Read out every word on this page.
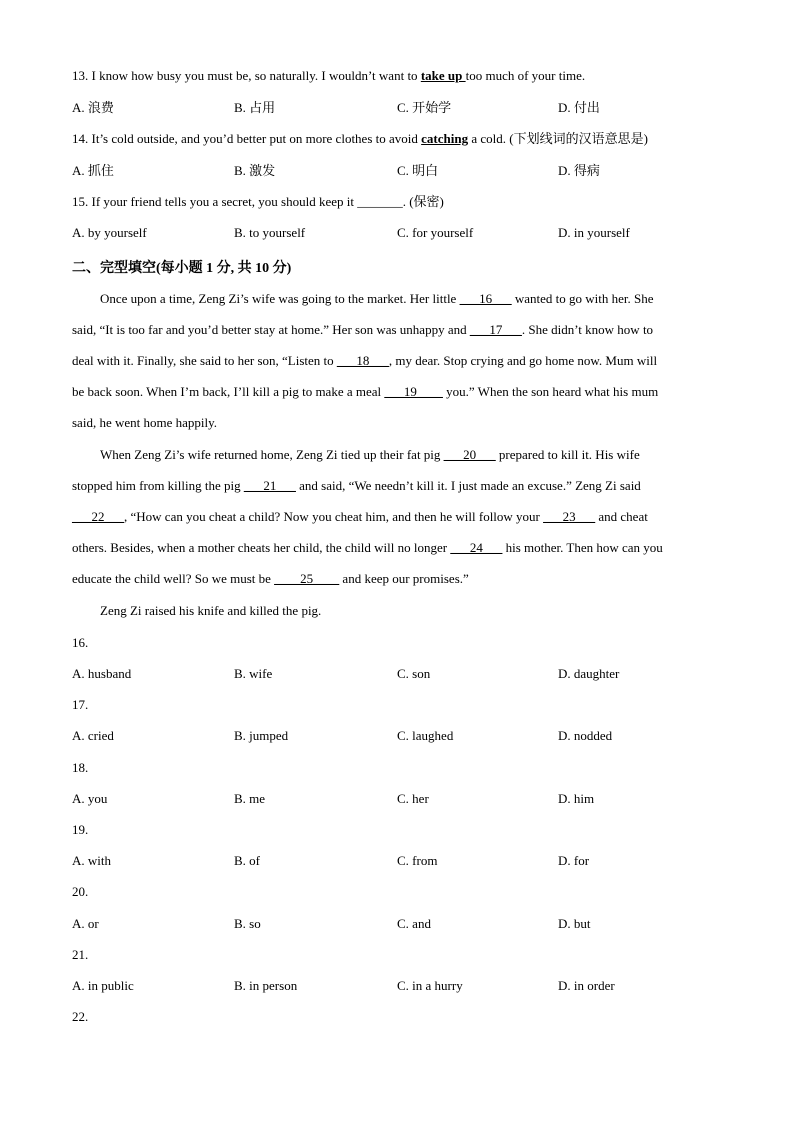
13. I know how busy you must be, so naturally. I wouldn’t want to take up too much of your time.
A. 浪费	B. 占用	C. 开始学	D. 付出
14. It’s cold outside, and you’d better put on more clothes to avoid catching a cold. (下划线词的汉语意思是)
A. 抓住	B. 激发	C. 明白	D. 得病
15. If your friend tells you a secret, you should keep it _______. (保密)
A. by yourself	B. to yourself	C. for yourself	D. in yourself
二、完型填空(每小题 1 分, 共 10 分)
Once upon a time, Zeng Zi’s wife was going to the market. Her little ___16___ wanted to go with her. She
said, “It is too far and you’d better stay at home.” Her son was unhappy and ___17___. She didn’t know how to
deal with it. Finally, she said to her son, “Listen to ___18___, my dear. Stop crying and go home now. Mum will
be back soon. When I’m back, I’ll kill a pig to make a meal ___19____ you.” When the son heard what his mum
said, he went home happily.
When Zeng Zi’s wife returned home, Zeng Zi tied up their fat pig ___20___ prepared to kill it. His wife
stopped him from killing the pig ___21___ and said, “We needn’t kill it. I just made an excuse.” Zeng Zi said
___22___, “How can you cheat a child? Now you cheat him, and then he will follow your ___23___ and cheat
others. Besides, when a mother cheats her child, the child will no longer ___24___ his mother. Then how can you
educate the child well? So we must be ____25____ and keep our promises.”
Zeng Zi raised his knife and killed the pig.
16.
A. husband	B. wife	C. son	D. daughter
17.
A. cried	B. jumped	C. laughed	D. nodded
18.
A. you	B. me	C. her	D. him
19.
A. with	B. of	C. from	D. for
20.
A. or	B. so	C. and	D. but
21.
A. in public	B. in person	C. in a hurry	D. in order
22.
